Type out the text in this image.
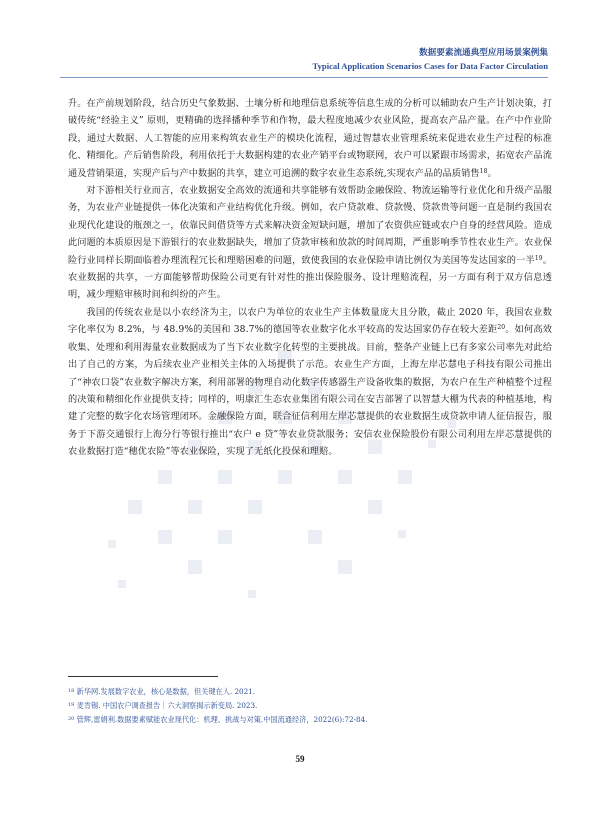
数据要素流通典型应用场景案例集
Typical Application Scenarios Cases for Data Factor Circulation

升。在产前规划阶段，结合历史气象数据、土壤分析和地理信息系统等信息生成的分析可以辅助农户生产计划决策，打破传统“经验主义” 原则，更精确的选择播种季节和作物，最大程度地减少农业风险，提高农产品产量。在产中作业阶段，通过大数据、人工智能的应用来构筑农业生产的模块化流程，通过智慧农业管理系统来促进农业生产过程的标准化、精细化。产后销售阶段，利用依托于大数据构建的农业产销平台或物联网，农户可以紧跟市场需求，拓宽农产品流通及营销渠道，实现产后与产中数据的共享，建立可追溯的数字农业生态系统,实现农产品的品质销售$^{18}$。

对下游相关行业而言，农业数据安全高效的流通和共享能够有效帮助金融保险、物流运输等行业优化和升级产品服务，为农业产业链提供一体化决策和产业结构优化升级。例如，农户贷款难、贷款慢、贷款贵等问题一直是制约我国农业现代化建设的瓶颈之一，依靠民间借贷等方式来解决资金短缺问题，增加了农资供应链或农户自身的经营风险。造成此问题的本质原因是下游银行的农业数据缺失，增加了贷款审核和放款的时间周期，严重影响季节性农业生产。农业保险行业同样长期面临着办理流程冗长和理赔困难的问题，致使我国的农业保险申请比例仅为美国等发达国家的一半$^{19}$。农业数据的共享，一方面能够帮助保险公司更有针对性的推出保险服务、设计理赔流程，另一方面有利于双方信息透明，减少理赔审核时间和纠纷的产生。

我国的传统农业是以小农经济为主，以农户为单位的农业生产主体数量庞大且分散，截止 2020 年，我国农业数字化率仅为 8.2%，与 48.9%的美国和 38.7%的德国等农业数字化水平较高的发达国家仍存在较大差距$^{20}$。如何高效收集、处理和利用海量农业数据成为了当下农业数字化转型的主要挑战。目前，整条产业链上已有多家公司率先对此给出了自己的方案，为后续农业产业相关主体的入场提供了示范。农业生产方面，上海左岸芯慧电子科技有限公司推出了“神农口袋”农业数字解决方案，利用部署的物理自动化数字传感器生产设备收集的数据，为农户在生产种植整个过程的决策和精细化作业提供支持；同样的，明康汇生态农业集团有限公司在安吉部署了以智慧大棚为代表的种植基地，构建了完整的数字化农场管理闭环。金融保险方面，联合征信利用左岸芯慧提供的农业数据生成贷款申请人征信报告，服务于下游交通银行上海分行等银行推出“农户 e 贷”等农业贷款服务；安信农业保险股份有限公司利用左岸芯慧提供的农业数据打造“穗优农险”等农业保险，实现了无纸化投保和理赔。

$^{18}$ 新华网.发展数字农业，核心是数据，但关键在人. 2021.
$^{19}$ 麦肯锡. 中国农户调查报告｜六大洞察揭示新变局. 2023.
$^{20}$ 管辉,雷娟利.数据要素赋能农业现代化：机理、挑战与对策.中国流通经济，2022(6):72-84.
59
